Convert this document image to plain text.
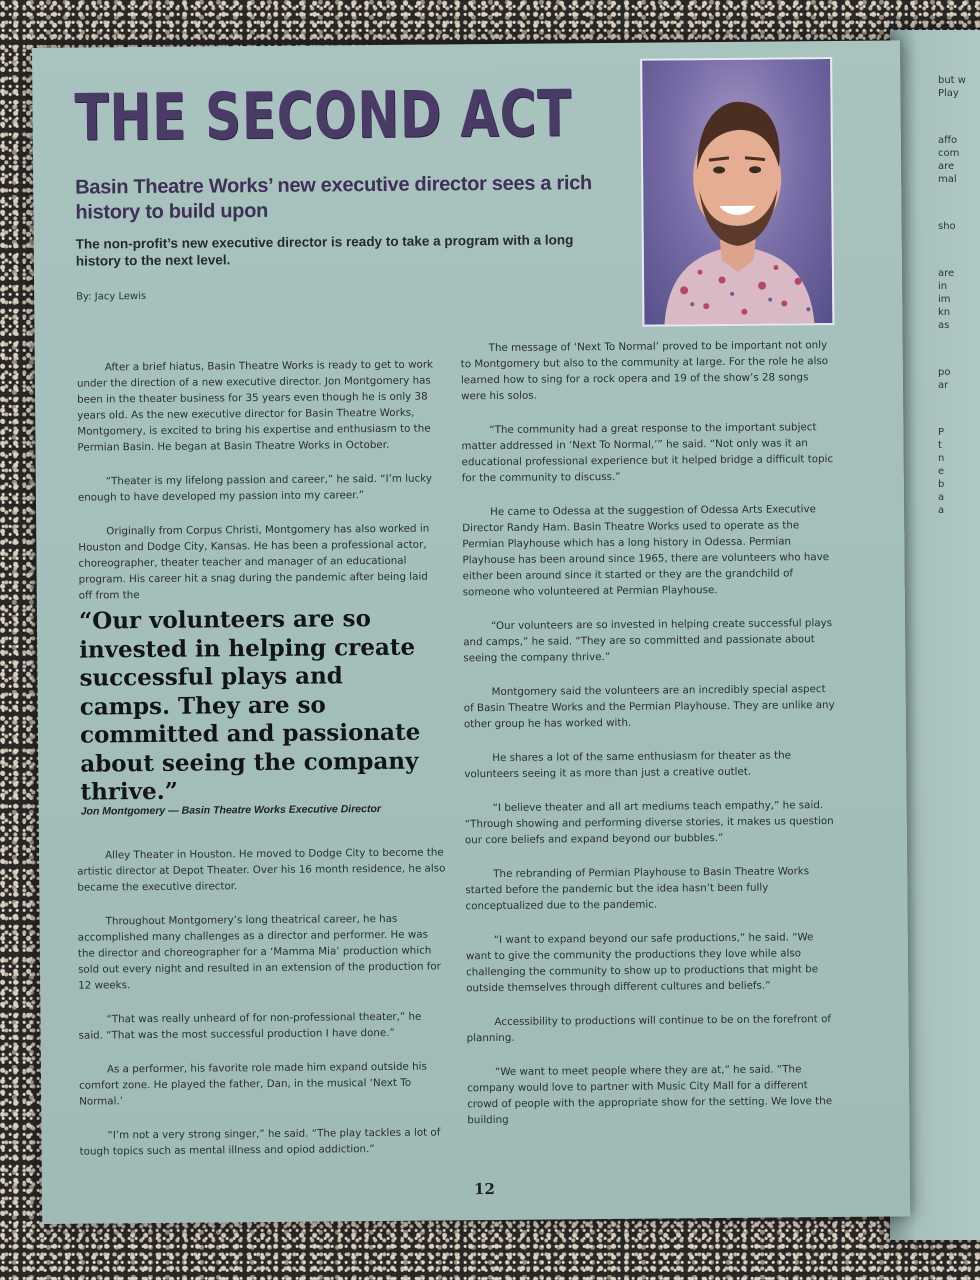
but w
Play
affo
com
are
mal
sho
are
in
im
kn
as
po
ar
P
t
n
e
b
a
a
THE SECOND ACT
Basin Theatre Works’ new executive director sees a rich history to build upon
The non-profit’s new executive director is ready to take a program with a long history to the next level.
By: Jacy Lewis

After a brief hiatus, Basin Theatre Works is ready to get to work under the direction of a new executive director. Jon Montgomery has been in the theater business for 35 years even though he is only 38 years old. As the new executive director for Basin Theatre Works, Montgomery, is excited to bring his expertise and enthusiasm to the Permian Basin. He began at Basin Theatre Works in October.

“Theater is my lifelong passion and career,” he said. “I’m lucky enough to have developed my passion into my career.”

Originally from Corpus Christi, Montgomery has also worked in Houston and Dodge City, Kansas. He has been a professional actor, choreographer, theater teacher and manager of an educational program. His career hit a snag during the pandemic after being laid off from the

“Our volunteers are so invested in helping create successful plays and camps. They are so committed and passionate about seeing the company thrive.”
Jon Montgomery — Basin Theatre Works Executive Director

Alley Theater in Houston. He moved to Dodge City to become the artistic director at Depot Theater. Over his 16 month residence, he also became the executive director.

Throughout Montgomery’s long theatrical career, he has accomplished many challenges as a director and performer. He was the director and choreographer for a ‘Mamma Mia’ production which sold out every night and resulted in an extension of the production for 12 weeks.

“That was really unheard of for non-professional theater,” he said. “That was the most successful production I have done.”

As a performer, his favorite role made him expand outside his comfort zone. He played the father, Dan, in the musical ‘Next To Normal.’

“I’m not a very strong singer,” he said. “The play tackles a lot of tough topics such as mental illness and opiod addiction.”

The message of ‘Next To Normal’ proved to be important not only to Montgomery but also to the community at large. For the role he also learned how to sing for a rock opera and 19 of the show’s 28 songs were his solos.

“The community had a great response to the important subject matter addressed in ‘Next To Normal,’” he said. “Not only was it an educational professional experience but it helped bridge a difficult topic for the community to discuss.”

He came to Odessa at the suggestion of Odessa Arts Executive Director Randy Ham. Basin Theatre Works used to operate as the Permian Playhouse which has a long history in Odessa. Permian Playhouse has been around since 1965, there are volunteers who have either been around since it started or they are the grandchild of someone who volunteered at Permian Playhouse.

“Our volunteers are so invested in helping create successful plays and camps,” he said. “They are so committed and passionate about seeing the company thrive.”

Montgomery said the volunteers are an incredibly special aspect of Basin Theatre Works and the Permian Playhouse. They are unlike any other group he has worked with.

He shares a lot of the same enthusiasm for theater as the volunteers seeing it as more than just a creative outlet.

“I believe theater and all art mediums teach empathy,” he said. “Through showing and performing diverse stories, it makes us question our core beliefs and expand beyond our bubbles.”

The rebranding of Permian Playhouse to Basin Theatre Works started before the pandemic but the idea hasn’t been fully conceptualized due to the pandemic.

“I want to expand beyond our safe productions,” he said. “We want to give the community the productions they love while also challenging the community to show up to productions that might be outside themselves through different cultures and beliefs.”

Accessibility to productions will continue to be on the forefront of planning.

“We want to meet people where they are at,” he said. “The company would love to partner with Music City Mall for a different crowd of people with the appropriate show for the setting. We love the building

12
